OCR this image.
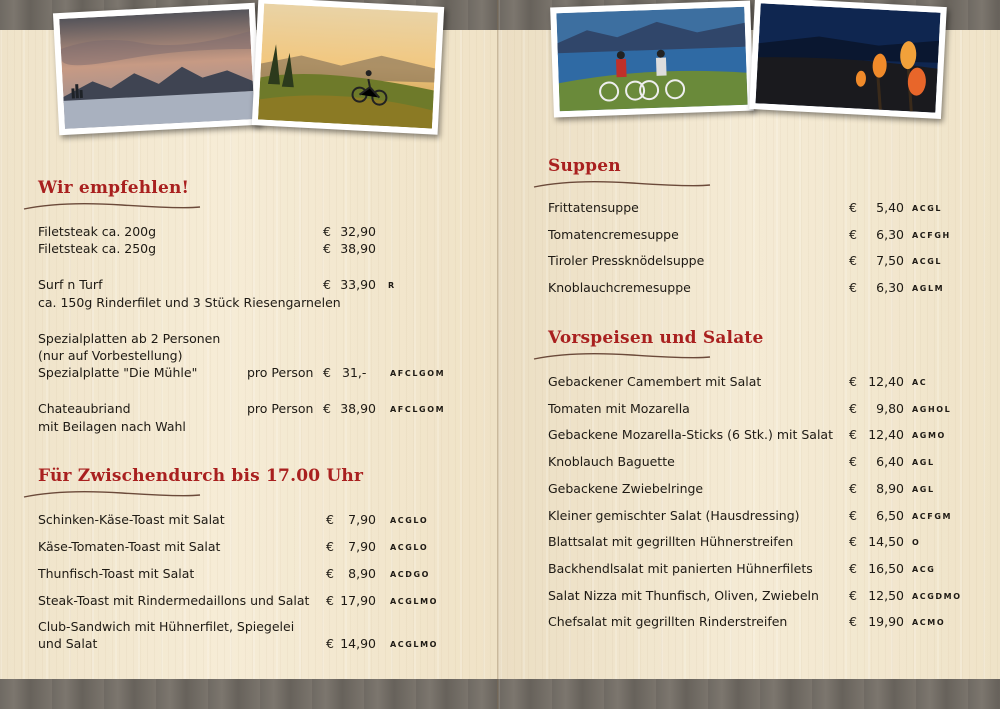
Wir empfehlen!
Filetsteak ca. 200g	€ 32,90
Filetsteak ca. 250g	€ 38,90
Surf n Turf	€ 33,90 R
ca. 150g Rinderfilet und 3 Stück Riesengarnelen
Spezialplatten ab 2 Personen
(nur auf Vorbestellung)
Spezialplatte "Die Mühle"	pro Person € 31,-	AFCLGOM
Chateaubriand	pro Person € 38,90 AFCLGOM
mit Beilagen nach Wahl
Für Zwischendurch bis 17.00 Uhr
Schinken-Käse-Toast mit Salat	€	7,90 ACGLO
Käse-Tomaten-Toast mit Salat	€	7,90 ACGLO
Thunfisch-Toast mit Salat	€	8,90 ACDGO
Steak-Toast mit Rindermedaillons und Salat € 17,90 ACGLMO
Club-Sandwich mit Hühnerfilet, Spiegelei
und Salat	€ 14,90 ACGLMO
Suppen
Frittatensuppe	€	5,40 ACGL
Tomatencremesuppe	€	6,30 ACFGH
Tiroler Pressknödelsuppe	€	7,50 ACGL
Knoblauchcremesuppe	€	6,30 AGLM
Vorspeisen und Salate
Gebackener Camembert mit Salat	€ 12,40 AC
Tomaten mit Mozarella	€	9,80 AGHOL
Gebackene Mozarella-Sticks (6 Stk.) mit Salat € 12,40 AGMO
Knoblauch Baguette	€	6,40 AGL
Gebackene Zwiebelringe	€	8,90 AGL
Kleiner gemischter Salat (Hausdressing)	€	6,50 ACFGM
Blattsalat mit gegrillten Hühnerstreifen	€ 14,50 O
Backhendlsalat mit panierten Hühnerfilets	€ 16,50 ACG
Salat Nizza mit Thunfisch, Oliven, Zwiebeln € 12,50 ACGDMO
Chefsalat mit gegrillten Rinderstreifen	€ 19,90 ACMO
